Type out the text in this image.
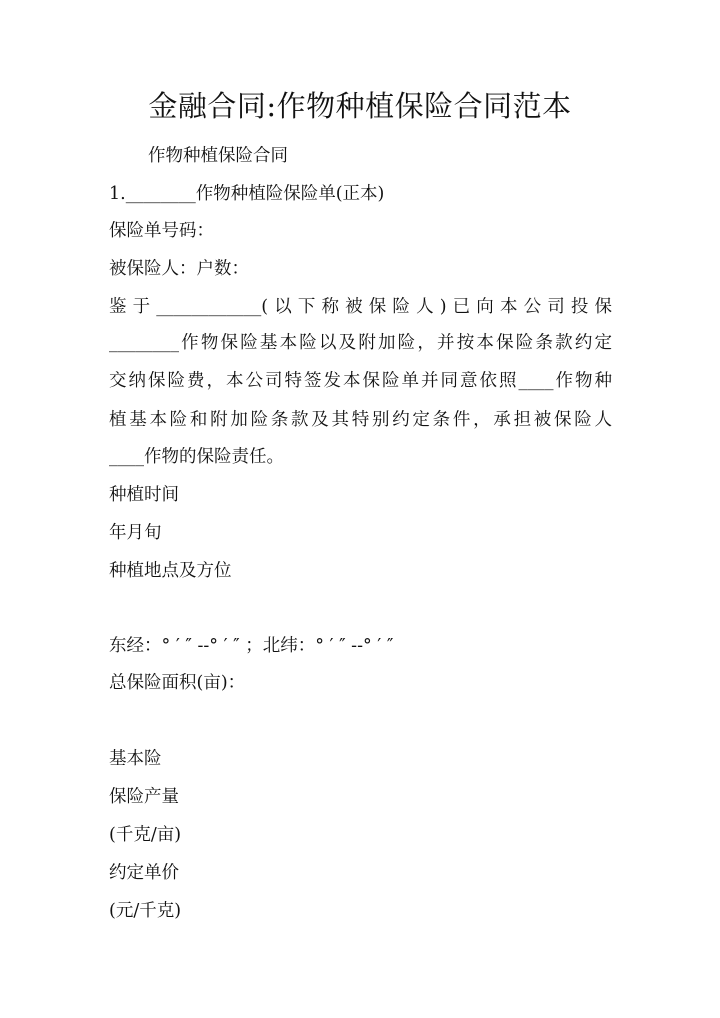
金融合同:作物种植保险合同范本
作物种植保险合同
1.________作物种植险保险单(正本)
保险单号码：
被保险人：户数：
鉴于____________(以下称被保险人)已向本公司投保
________作物保险基本险以及附加险，并按本保险条款约定
交纳保险费，本公司特签发本保险单并同意依照____作物种
植基本险和附加险条款及其特别约定条件，承担被保险人
____作物的保险责任。
种植时间
年月旬
种植地点及方位
东经：° ′ ″ --° ′ ″ ；北纬：° ′ ″ --° ′ ″
总保险面积(亩)：
基本险
保险产量
(千克/亩)
约定单价
(元/千克)
